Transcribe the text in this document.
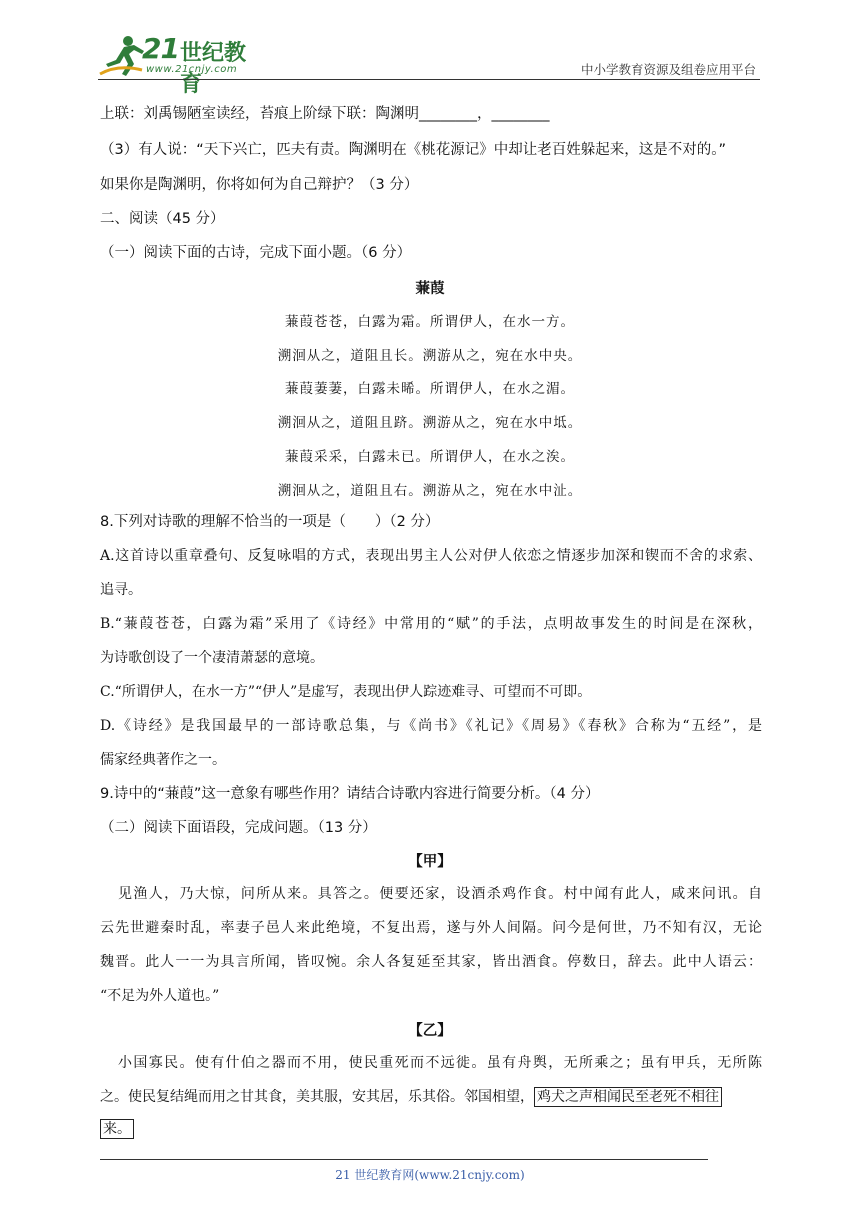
21 世纪教育
www.21cnjy.com	中小学教育资源及组卷应用平台
上联：刘禹锡陋室读经，苔痕上阶绿下联：陶渊明________，________
（3）有人说：“天下兴亡，匹夫有责。陶渊明在《桃花源记》中却让老百姓躲起来，这是不对的。”
如果你是陶渊明，你将如何为自己辩护？（3 分）
二、阅读（45 分）
（一）阅读下面的古诗，完成下面小题。（6 分）
蒹葭
蒹葭苍苍，白露为霜。所谓伊人，在水一方。
溯洄从之，道阻且长。溯游从之，宛在水中央。
蒹葭萋萋，白露未晞。所谓伊人，在水之湄。
溯洄从之，道阻且跻。溯游从之，宛在水中坻。
蒹葭采采，白露未已。所谓伊人，在水之涘。
溯洄从之，道阻且右。溯游从之，宛在水中沚。
8.下列对诗歌的理解不恰当的一项是（　　）（2 分）
A.这首诗以重章叠句、反复咏唱的方式，表现出男主人公对伊人依恋之情逐步加深和锲而不舍的求索、
追寻。
B.“蒹葭苍苍，白露为霜”采用了《诗经》中常用的“赋”的手法，点明故事发生的时间是在深秋，
为诗歌创设了一个凄清萧瑟的意境。
C.“所谓伊人，在水一方”“伊人”是虚写，表现出伊人踪迹难寻、可望而不可即。
D.《诗经》是我国最早的一部诗歌总集，与《尚书》《礼记》《周易》《春秋》合称为“五经”，是
儒家经典著作之一。
9.诗中的“蒹葭”这一意象有哪些作用？请结合诗歌内容进行简要分析。（4 分）
（二）阅读下面语段，完成问题。（13 分）
【甲】
见渔人，乃大惊，问所从来。具答之。便要还家，设酒杀鸡作食。村中闻有此人，咸来问讯。自
云先世避秦时乱，率妻子邑人来此绝境，不复出焉，遂与外人间隔。问今是何世，乃不知有汉，无论
魏晋。此人一一为具言所闻，皆叹惋。余人各复延至其家，皆出酒食。停数日，辞去。此中人语云：
“不足为外人道也。”
【乙】
小国寡民。使有什伯之器而不用，使民重死而不远徙。虽有舟舆，无所乘之；虽有甲兵，无所陈
之。使民复结绳而用之甘其食，美其服，安其居，乐其俗。邻国相望， 鸡犬之声相闻民至老死不相往
来。
21 世纪教育网(www.21cnjy.com)
